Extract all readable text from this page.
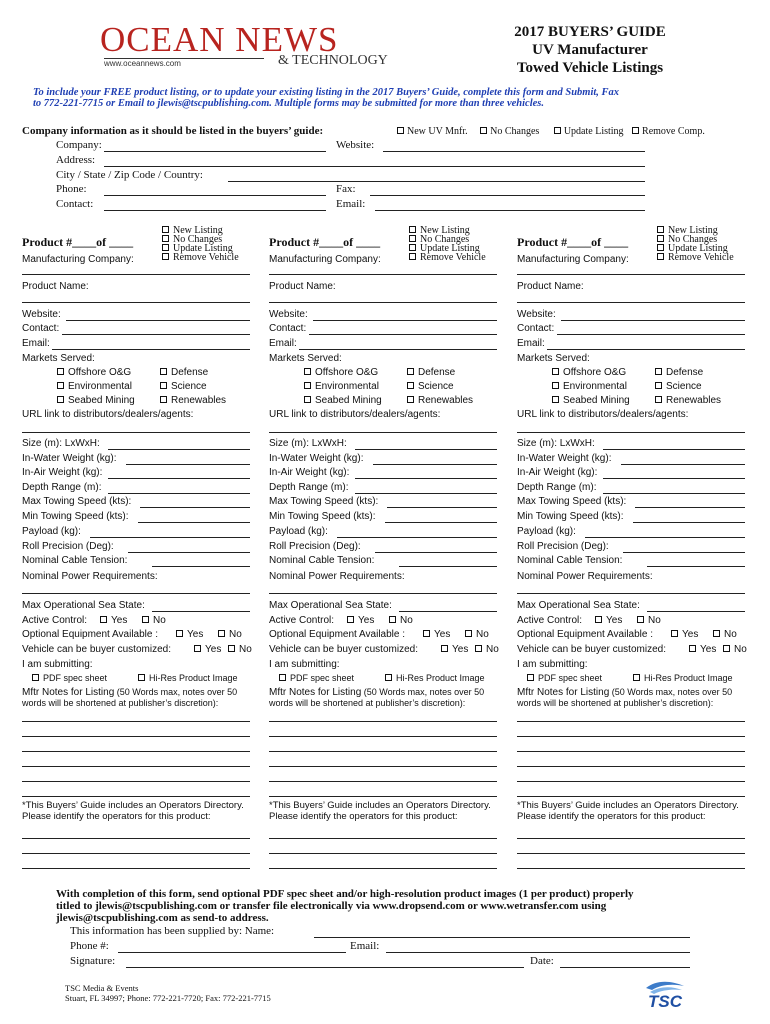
OCEAN NEWS
www.oceannews.com	& TECHNOLOGY
2017 BUYERS’ GUIDE
UV Manufacturer
Towed Vehicle Listings
To include your FREE product listing, or to update your existing listing in the 2017 Buyers’ Guide, complete this form and Submit, Fax
to 772-221-7715 or Email to jlewis@tscpublishing.com. Multiple forms may be submitted for more than three vehicles.
Company information as it should be listed in the buyers’ guide:	New UV Mnfr. No Changes Update Listing Remove Comp.
Company:	Website:
Address:
City / State / Zip Code / Country:
Phone:	Fax:
Contact:	Email:
Product #____of ____
New Listing
No Changes
Update Listing
Remove Vehicle
Manufacturing Company:
Product Name:
Website:
Contact:
Email:
Markets Served:
Offshore O&G	Defense
Environmental	Science
Seabed Mining	Renewables
URL link to distributors/dealers/agents:
Size (m): LxWxH:
In-Water Weight (kg):
In-Air Weight (kg):
Depth Range (m):
Max Towing Speed (kts):
Min Towing Speed (kts):
Payload (kg):
Roll Precision (Deg):
Nominal Cable Tension:
Nominal Power Requirements:
Max Operational Sea State:
Active Control:	Yes	No
Optional Equipment Available :	Yes	No
Vehicle can be buyer customized:	Yes	No
I am submitting:
PDF spec sheet	Hi-Res Product Image
Mftr Notes for Listing (50 Words max, notes over 50
words will be shortened at publisher’s discretion):
*This Buyers’ Guide includes an Operators Directory.
Please identify the operators for this product:
Product #____of ____
New Listing
No Changes
Update Listing
Remove Vehicle
Manufacturing Company:
Product Name:
Website:
Contact:
Email:
Markets Served:
Offshore O&G	Defense
Environmental	Science
Seabed Mining	Renewables
URL link to distributors/dealers/agents:
Size (m): LxWxH:
In-Water Weight (kg):
In-Air Weight (kg):
Depth Range (m):
Max Towing Speed (kts):
Min Towing Speed (kts):
Payload (kg):
Roll Precision (Deg):
Nominal Cable Tension:
Nominal Power Requirements:
Max Operational Sea State:
Active Control:	Yes	No
Optional Equipment Available :	Yes	No
Vehicle can be buyer customized:	Yes	No
I am submitting:
PDF spec sheet	Hi-Res Product Image
Mftr Notes for Listing (50 Words max, notes over 50
words will be shortened at publisher’s discretion):
*This Buyers’ Guide includes an Operators Directory.
Please identify the operators for this product:
Product #____of ____
New Listing
No Changes
Update Listing
Remove Vehicle
Manufacturing Company:
Product Name:
Website:
Contact:
Email:
Markets Served:
Offshore O&G	Defense
Environmental	Science
Seabed Mining	Renewables
URL link to distributors/dealers/agents:
Size (m): LxWxH:
In-Water Weight (kg):
In-Air Weight (kg):
Depth Range (m):
Max Towing Speed (kts):
Min Towing Speed (kts):
Payload (kg):
Roll Precision (Deg):
Nominal Cable Tension:
Nominal Power Requirements:
Max Operational Sea State:
Active Control:	Yes	No
Optional Equipment Available :	Yes	No
Vehicle can be buyer customized:	Yes	No
I am submitting:
PDF spec sheet	Hi-Res Product Image
Mftr Notes for Listing (50 Words max, notes over 50
words will be shortened at publisher’s discretion):
*This Buyers’ Guide includes an Operators Directory.
Please identify the operators for this product:
With completion of this form, send optional PDF spec sheet and/or high-resolution product images (1 per product) properly
titled to jlewis@tscpublishing.com or transfer file electronically via www.dropsend.com or www.wetransfer.com using
jlewis@tscpublishing.com as send-to address.
This information has been supplied by: Name:
Phone #:	Email:
Signature:	Date:
TSC Media & Events
Stuart, FL 34997; Phone: 772-221-7720; Fax: 772-221-7715	TSC
